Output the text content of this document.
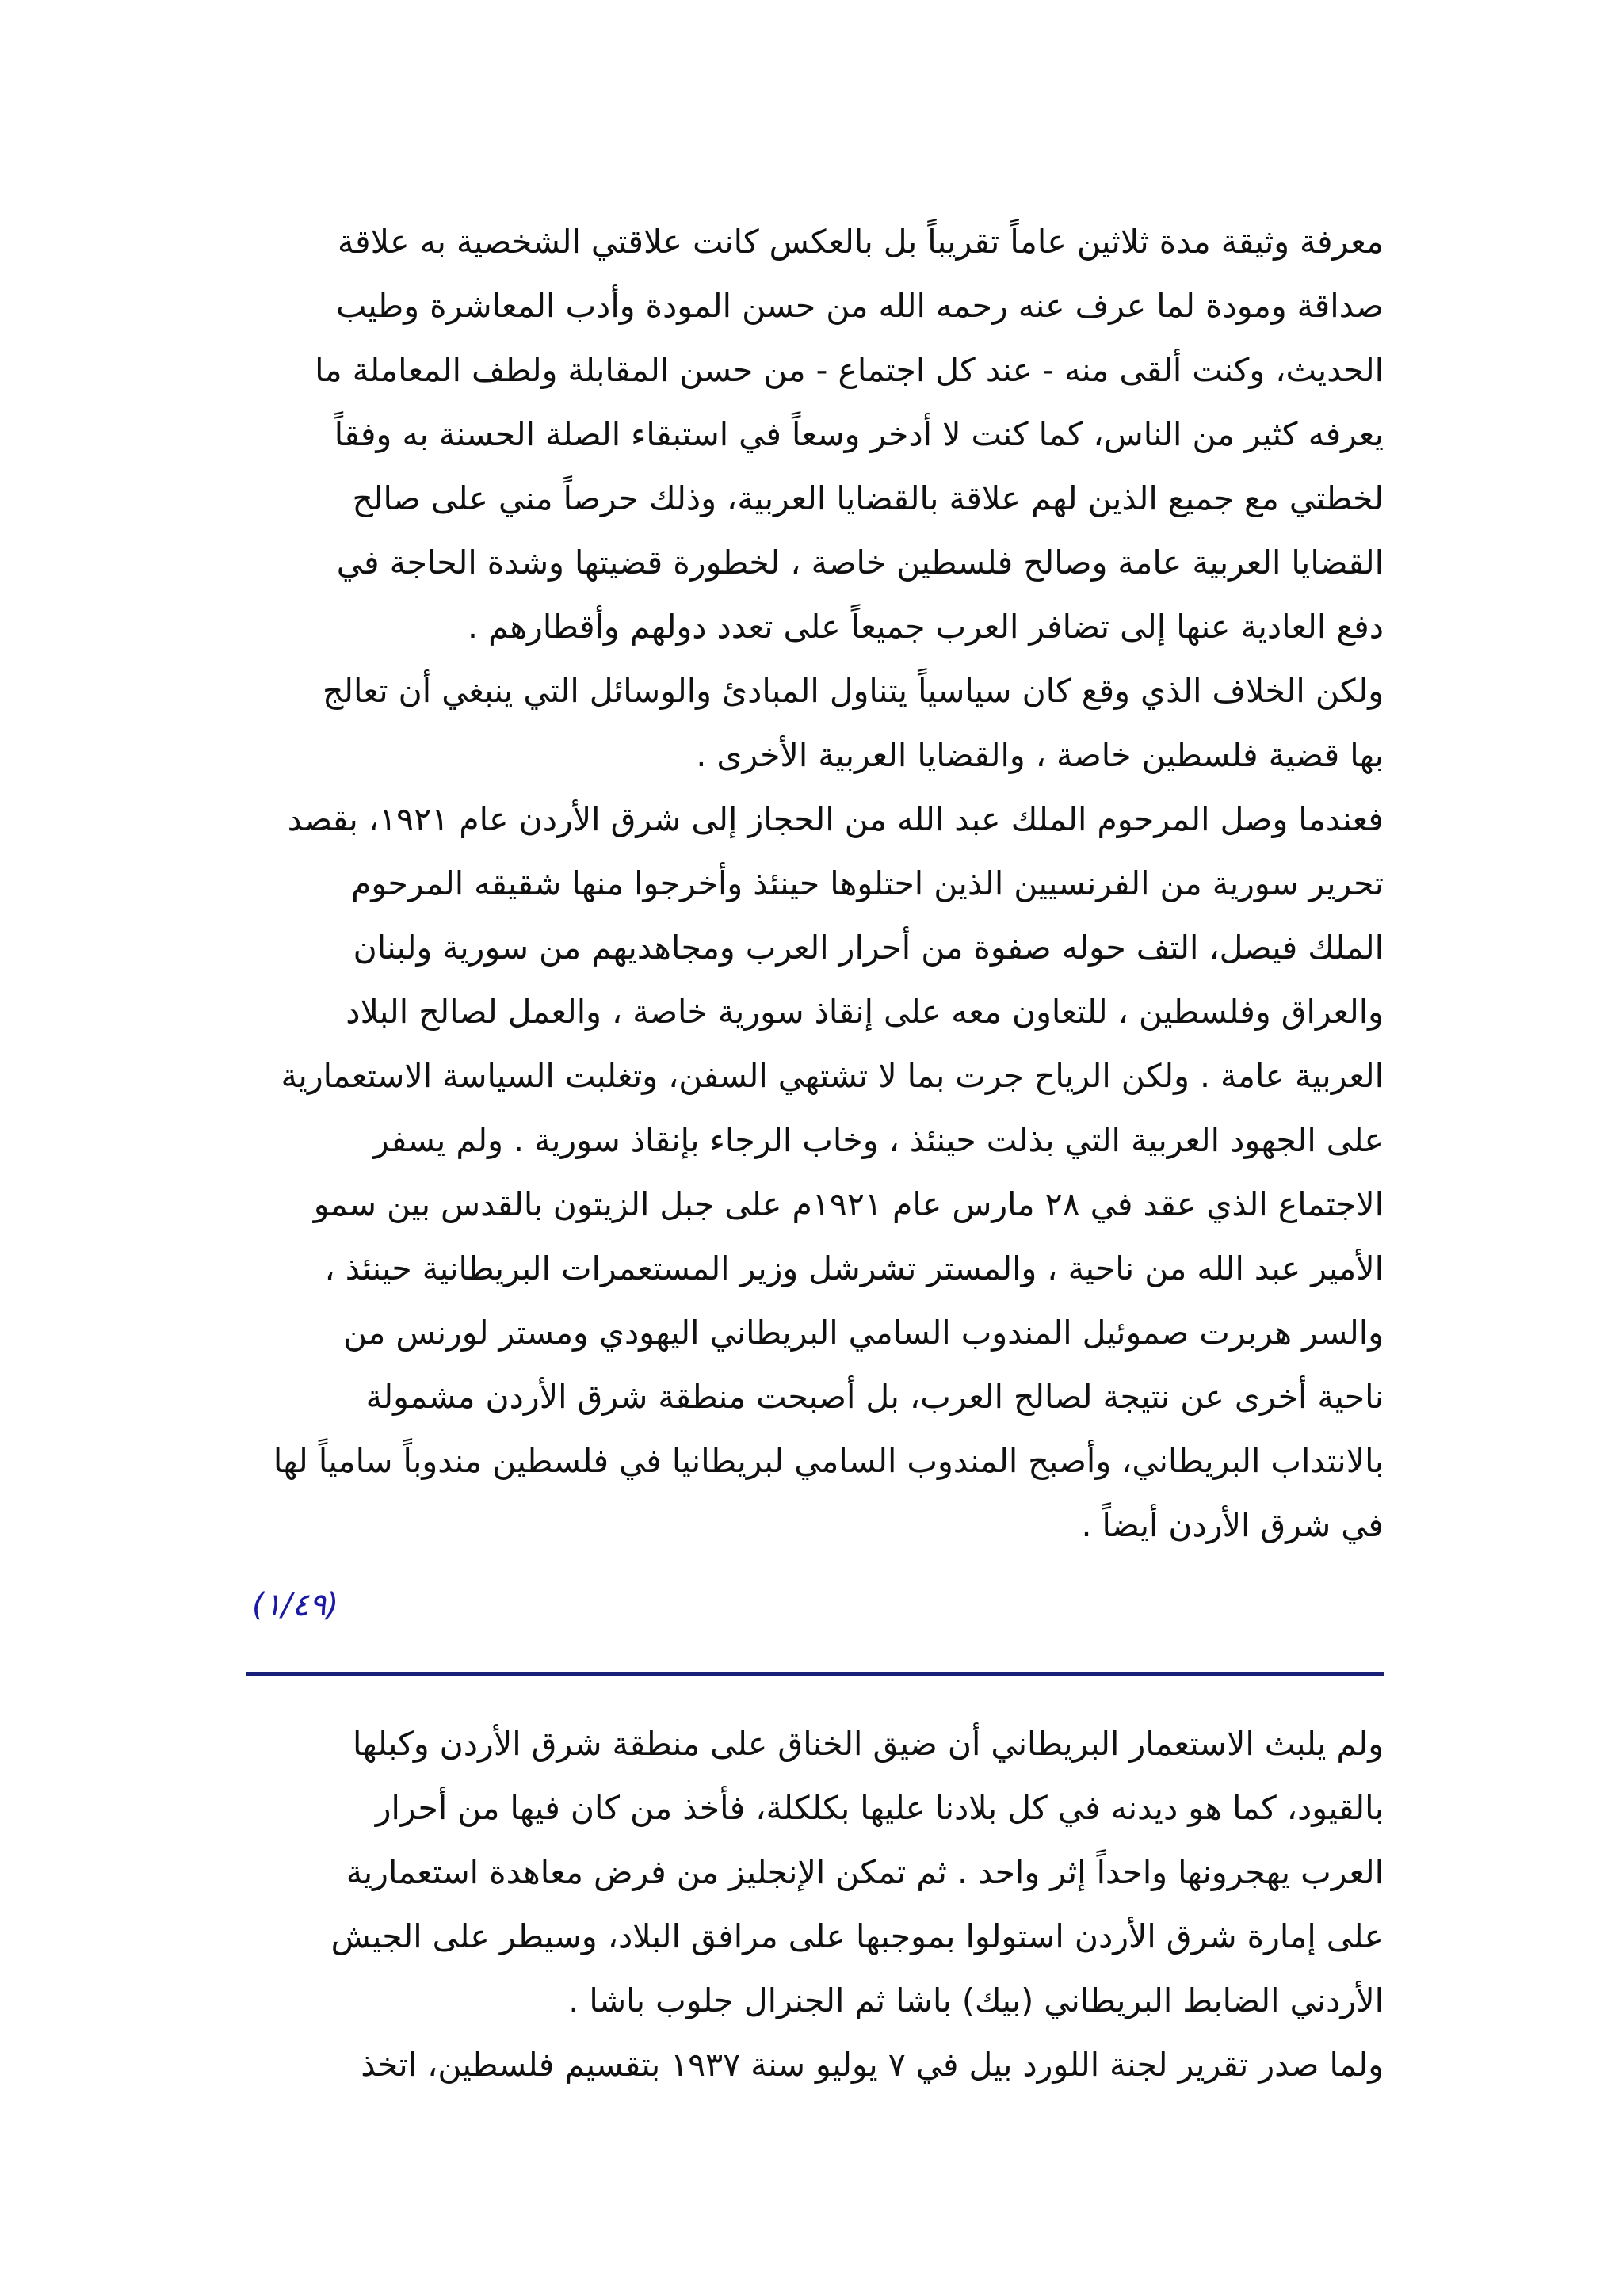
معرفة وثيقة مدة ثلاثين عاماً تقريباً بل بالعكس كانت علاقتي الشخصية به علاقة
صداقة ومودة لما عرف عنه رحمه الله من حسن المودة وأدب المعاشرة وطيب
الحديث، وكنت ألقى منه - عند كل اجتماع - من حسن المقابلة ولطف المعاملة ما
يعرفه كثير من الناس، كما كنت لا أدخر وسعاً في استبقاء الصلة الحسنة به وفقاً
لخطتي مع جميع الذين لهم علاقة بالقضايا العربية، وذلك حرصاً مني على صالح
القضايا العربية عامة وصالح فلسطين خاصة ، لخطورة قضيتها وشدة الحاجة في
دفع العادية عنها إلى تضافر العرب جميعاً على تعدد دولهم وأقطارهم .
ولكن الخلاف الذي وقع كان سياسياً يتناول المبادئ والوسائل التي ينبغي أن تعالج
بها قضية فلسطين خاصة ، والقضايا العربية الأخرى .
فعندما وصل المرحوم الملك عبد الله من الحجاز إلى شرق الأردن عام ١٩٢١، بقصد
تحرير سورية من الفرنسيين الذين احتلوها حينئذ وأخرجوا منها شقيقه المرحوم
الملك فيصل، التف حوله صفوة من أحرار العرب ومجاهديهم من سورية ولبنان
والعراق وفلسطين ، للتعاون معه على إنقاذ سورية خاصة ، والعمل لصالح البلاد
العربية عامة . ولكن الرياح جرت بما لا تشتهي السفن، وتغلبت السياسة الاستعمارية
على الجهود العربية التي بذلت حينئذ ، وخاب الرجاء بإنقاذ سورية . ولم يسفر
الاجتماع الذي عقد في ٢٨ مارس عام ١٩٢١م على جبل الزيتون بالقدس بين سمو
الأمير عبد الله من ناحية ، والمستر تشرشل وزير المستعمرات البريطانية حينئذ ،
والسر هربرت صموئيل المندوب السامي البريطاني اليهودي ومستر لورنس من
ناحية أخرى عن نتيجة لصالح العرب، بل أصبحت منطقة شرق الأردن مشمولة
بالانتداب البريطاني، وأصبح المندوب السامي لبريطانيا في فلسطين مندوباً سامياً لها
في شرق الأردن أيضاً .
(١/٤٩)
ولم يلبث الاستعمار البريطاني أن ضيق الخناق على منطقة شرق الأردن وكبلها
بالقيود، كما هو ديدنه في كل بلادنا عليها بكلكلة، فأخذ من كان فيها من أحرار
العرب يهجرونها واحداً إثر واحد . ثم تمكن الإنجليز من فرض معاهدة استعمارية
على إمارة شرق الأردن استولوا بموجبها على مرافق البلاد، وسيطر على الجيش
الأردني الضابط البريطاني (بيك) باشا ثم الجنرال جلوب باشا .
ولما صدر تقرير لجنة اللورد بيل في ٧ يوليو سنة ١٩٣٧ بتقسيم فلسطين، اتخذ
